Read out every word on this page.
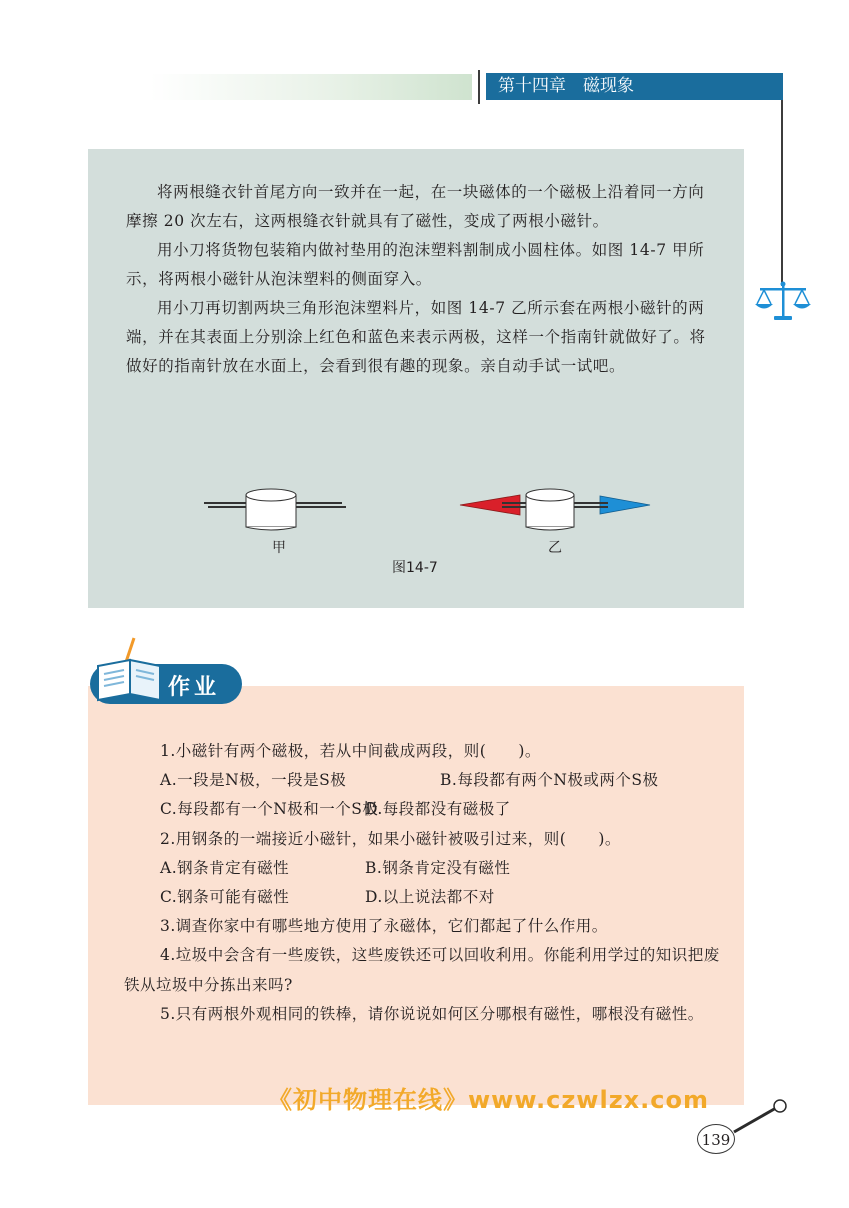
第十四章　磁现象

将两根缝衣针首尾方向一致并在一起，在一块磁体的一个磁极上沿着同一方向摩擦 20 次左右，这两根缝衣针就具有了磁性，变成了两根小磁针。

用小刀将货物包装箱内做衬垫用的泡沫塑料割制成小圆柱体。如图 14-7 甲所示，将两根小磁针从泡沫塑料的侧面穿入。

用小刀再切割两块三角形泡沫塑料片，如图 14-7 乙所示套在两根小磁针的两端，并在其表面上分别涂上红色和蓝色来表示两极，这样一个指南针就做好了。将做好的指南针放在水面上，会看到很有趣的现象。亲自动手试一试吧。

甲	乙
图14-7
1.小磁针有两个磁极，若从中间截成两段，则(　　)。
A.一段是N极，一段是S极	B.每段都有两个N极或两个S极
C.每段都有一个N极和一个S极D.每段都没有磁极了
2.用钢条的一端接近小磁针，如果小磁针被吸引过来，则(　　)。
A.钢条肯定有磁性	B.钢条肯定没有磁性
C.钢条可能有磁性	D.以上说法都不对
3.调查你家中有哪些地方使用了永磁体，它们都起了什么作用。
4.垃圾中会含有一些废铁，这些废铁还可以回收利用。你能利用学过的知识把废铁从垃圾中分拣出来吗?
5.只有两根外观相同的铁棒，请你说说如何区分哪根有磁性，哪根没有磁性。
作业
《初中物理在线》www.czwlzx.com
139
